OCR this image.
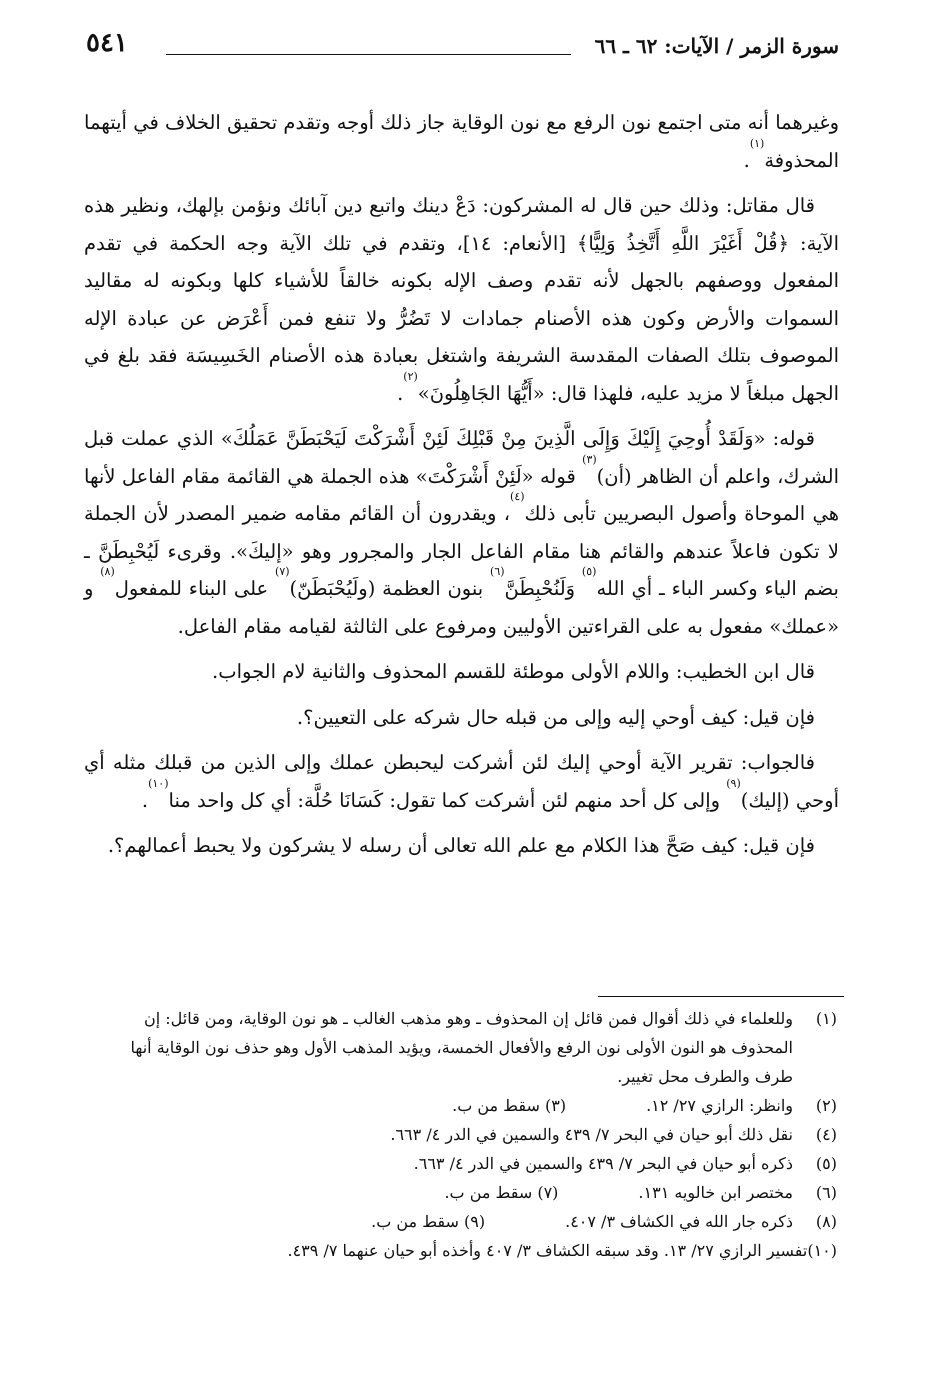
سورة الزمر / الآيات: ٦٢ ـ ٦٦
٥٤١

وغيرهما أنه متى اجتمع نون الرفع مع نون الوقاية جاز ذلك أوجه وتقدم تحقيق الخلاف في أيتهما المحذوفة$^{(١)}$.

قال مقاتل: وذلك حين قال له المشركون: دَعْ دينك واتبع دين آبائك ونؤمن بإلهك، ونظير هذه الآية: ﴿قُلْ أَغَيْرَ اللَّهِ أَتَّخِذُ وَلِيًّا﴾ [الأنعام: ١٤]، وتقدم في تلك الآية وجه الحكمة في تقدم المفعول ووصفهم بالجهل لأنه تقدم وصف الإله بكونه خالقاً للأشياء كلها وبكونه له مقاليد السموات والأرض وكون هذه الأصنام جمادات لا تَضُرُّ ولا تنفع فمن أَعْرَض عن عبادة الإله الموصوف بتلك الصفات المقدسة الشريفة واشتغل بعبادة هذه الأصنام الخَسِيسَة فقد بلغ في الجهل مبلغاً لا مزيد عليه، فلهذا قال: «أَيُّهَا الجَاهِلُونَ»$^{(٢)}$.

قوله: «وَلَقَدْ أُوحِيَ إِلَيْكَ وَإِلَى الَّذِينَ مِنْ قَبْلِكَ لَئِنْ أَشْرَكْتَ لَيَحْبَطَنَّ عَمَلُكَ» الذي عملت قبل الشرك، واعلم أن الظاهر (أن)$^{(٣)}$ قوله «لَئِنْ أَشْرَكْتَ» هذه الجملة هي القائمة مقام الفاعل لأنها هي الموحاة وأصول البصريين تأبى ذلك$^{(٤)}$، ويقدرون أن القائم مقامه ضمير المصدر لأن الجملة لا تكون فاعلاً عندهم والقائم هنا مقام الفاعل الجار والمجرور وهو «إليكَ». وقرىء لَيُحْبِطَنَّ ـ بضم الياء وكسر الباء ـ أي الله$^{(٥)}$ وَلَنُحْبِطَنَّ$^{(٦)}$ بنون العظمة (ولَيُحْبَطَنّ)$^{(٧)}$ على البناء للمفعول$^{(٨)}$ و «عملك» مفعول به على القراءتين الأوليين ومرفوع على الثالثة لقيامه مقام الفاعل.

قال ابن الخطيب: واللام الأولى موطئة للقسم المحذوف والثانية لام الجواب.

فإن قيل: كيف أوحي إليه وإلى من قبله حال شركه على التعيين؟.

فالجواب: تقرير الآية أوحي إليك لئن أشركت ليحبطن عملك وإلى الذين من قبلك مثله أي أوحي (إليك)$^{(٩)}$ وإلى كل أحد منهم لئن أشركت كما تقول: كَسَانَا حُلَّة: أي كل واحد منا$^{(١٠)}$.

فإن قيل: كيف صَحَّ هذا الكلام مع علم الله تعالى أن رسله لا يشركون ولا يحبط أعمالهم؟.

(١)
وللعلماء في ذلك أقوال فمن قائل إن المحذوف ـ وهو مذهب الغالب ـ هو نون الوقاية، ومن قائل: إن المحذوف هو النون الأولى نون الرفع والأفعال الخمسة، ويؤيد المذهب الأول وهو حذف نون الوقاية أنها طرف والطرف محل تغيير.
(٢)
وانظر: الرازي ٢٧/ ١٢.(٣) سقط من ب.
(٤)
نقل ذلك أبو حيان في البحر ٧/ ٤٣٩ والسمين في الدر ٤/ ٦٦٣.
(٥)
ذكره أبو حيان في البحر ٧/ ٤٣٩ والسمين في الدر ٤/ ٦٦٣.
(٦)
مختصر ابن خالويه ١٣١.(٧) سقط من ب.
(٨)
ذكره جار الله في الكشاف ٣/ ٤٠٧.(٩) سقط من ب.
(١٠)تفسير الرازي ٢٧/ ١٣. وقد سبقه الكشاف ٣/ ٤٠٧ وأخذه أبو حيان عنهما ٧/ ٤٣٩.
